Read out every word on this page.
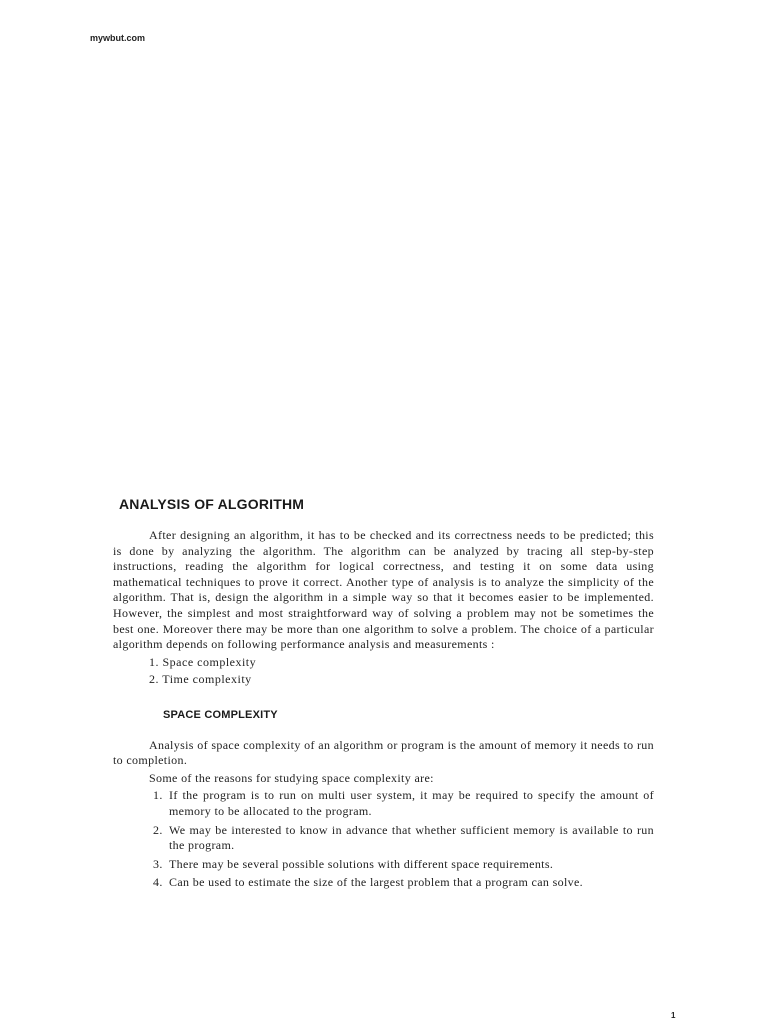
mywbut.com
ANALYSIS OF ALGORITHM

After designing an algorithm, it has to be checked and its correctness needs to be predicted; this is done by analyzing the algorithm. The algorithm can be analyzed by tracing all step-by-step instructions, reading the algorithm for logical correctness, and testing it on some data using mathematical techniques to prove it correct. Another type of analysis is to analyze the simplicity of the algorithm. That is, design the algorithm in a simple way so that it becomes easier to be implemented. However, the simplest and most straightforward way of solving a problem may not be sometimes the best one. Moreover there may be more than one algorithm to solve a problem. The choice of a particular algorithm depends on following performance analysis and measurements :

1. Space complexity
2. Time complexity
SPACE COMPLEXITY

Analysis of space complexity of an algorithm or program is the amount of memory it needs to run to completion.

Some of the reasons for studying space complexity are:

1. If the program is to run on multi user system, it may be required to specify the amount of memory to be allocated to the program.
2. We may be interested to know in advance that whether sufficient memory is available to run the program.
3. There may be several possible solutions with different space requirements.
4. Can be used to estimate the size of the largest problem that a program can solve.
1
